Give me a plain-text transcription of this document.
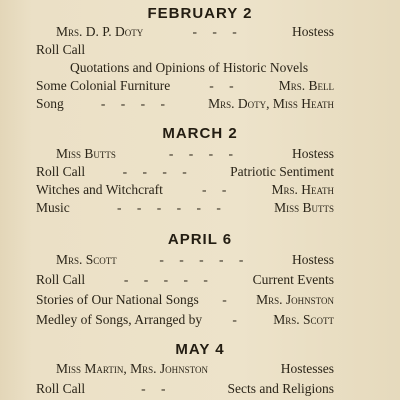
FEBRUARY 2
Mrs. D. P. Doty	- - -	Hostess
Roll Call
Quotations and Opinions of Historic Novels
Some Colonial Furniture	- -	Mrs. Bell
Song	- - - -	Mrs. Doty, Miss Heath
MARCH 2
Miss Butts	- - - -	Hostess
Roll Call	- - - -	Patriotic Sentiment
Witches and Witchcraft	- -	Mrs. Heath
Music	- - - - - -	Miss Butts
APRIL 6
Mrs. Scott	- - - - -	Hostess
Roll Call	- - - - -	Current Events
Stories of Our National Songs - Mrs. Johnston
Medley of Songs, Arranged by - Mrs. Scott
MAY 4
Miss Martin, Mrs. Johnston	Hostesses
Roll Call	- -	Sects and Religions
